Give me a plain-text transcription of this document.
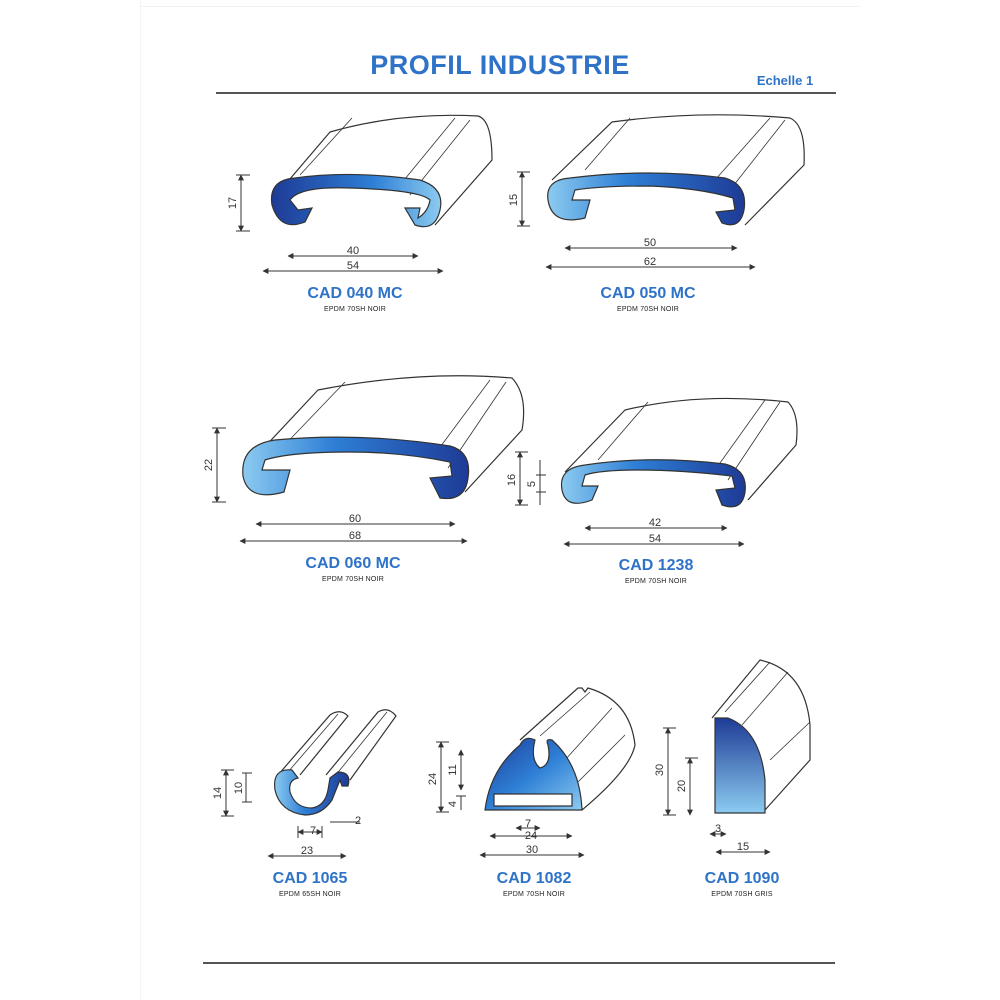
PROFIL INDUSTRIE
Echelle 1
17
40
54
15
50
62
22
60
68
16 5
42
54
14 10
7
2
23
24
11
4
7
24
30
30
20
3
15
CAD 040 MC
EPDM 70SH NOIR
CAD 050 MC
EPDM 70SH NOIR
CAD 060 MC
EPDM 70SH NOIR
CAD 1238
EPDM 70SH NOIR
CAD 1065
EPDM 65SH NOIR
CAD 1082
EPDM 70SH NOIR
CAD 1090
EPDM 70SH GRIS
